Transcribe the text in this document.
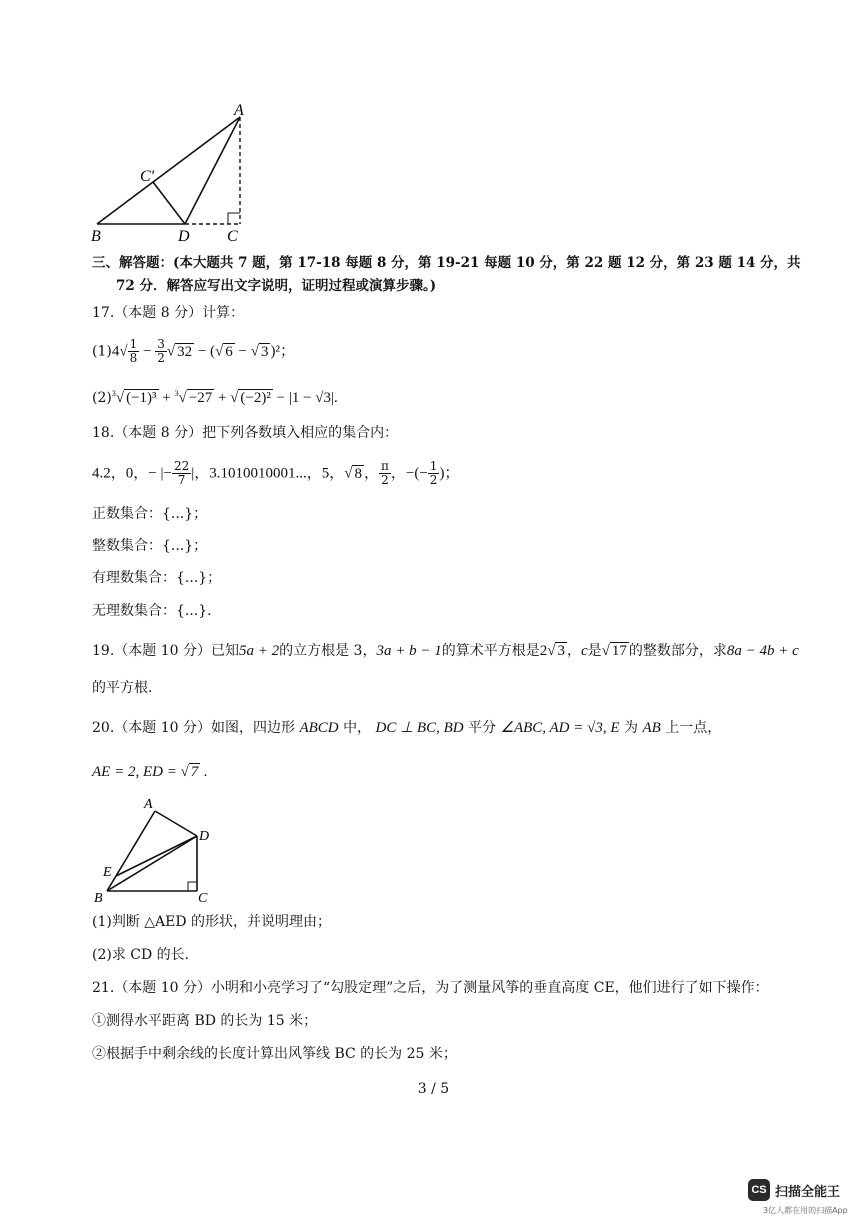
A
B	C
C′
D
三、解答题：(本大题共 7 题，第 17-18 每题 8 分，第 19-21 每题 10 分，第 22 题 12 分，第 23 题 14 分，共
72 分．解答应写出文字说明，证明过程或演算步骤。)
17.（本题 8 分）计算：
$(1)4√ \frac{1}{8} - \frac{3}{2}$ √ 32 − (√ 6 − √ 3 )²；
$(2)^3√$ (−1)³ + $^3$√ −27 + √ (−2)² − |1 − √3|.
18.（本题 8 分）把下列各数填入相应的集合内：
4.2，0，− |− $\frac{22}{7}$ |，3.1010010001...，5，√ 8 ， $\frac{\pi}{2}$ ，−(− $\frac{1}{2}$ )；
正数集合：{...}；
整数集合：{...}；
有理数集合：{...}；
无理数集合：{...}.
19.（本题 10 分）已知5a + 2的立方根是 3，3a + b − 1的算术平方根是2√ 3 ，c是√ 17 的整数部分，求8a − 4b + c
的平方根.
20.（本题 10 分）如图，四边形 ABCD 中， DC ⊥ BC, BD 平分 ∠ABC, AD = √3, E 为 AB 上一点，
AE = 2, ED = √ 7 .
A
B	C
D
E
(1)判断 △AED 的形状，并说明理由；
(2)求 CD 的长.
21.（本题 10 分）小明和小亮学习了“勾股定理”之后，为了测量风筝的垂直高度 CE，他们进行了如下操作：
①测得水平距离 BD 的长为 15 米；
②根据手中剩余线的长度计算出风筝线 BC 的长为 25 米；
3 / 5
CS 扫描全能王
3亿人都在用的扫描App
